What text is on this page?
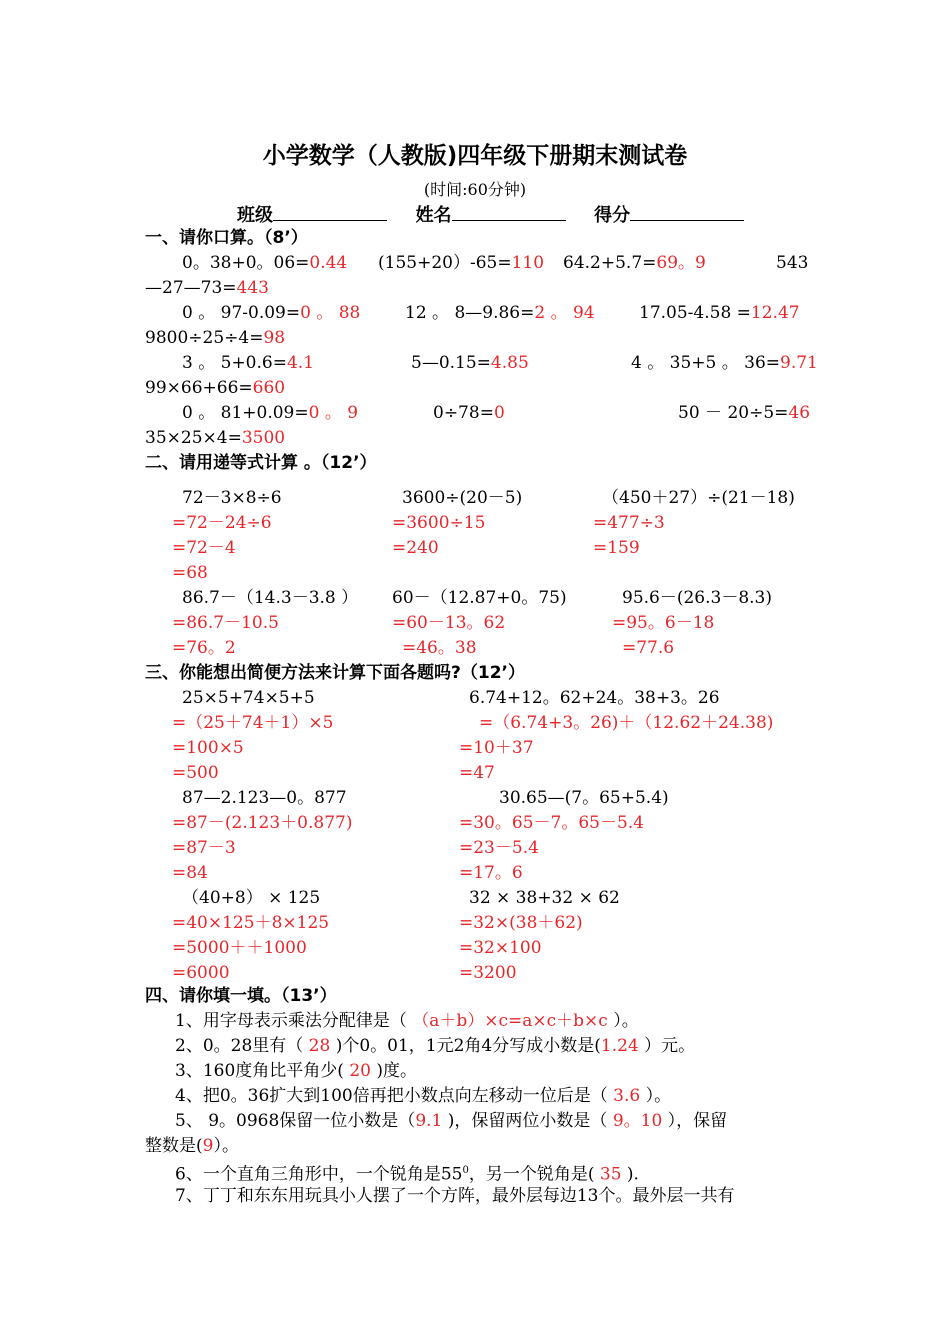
小学数学（人教版)四年级下册期末测试卷
(时间:60分钟)
班级	姓名	得分
一、请你口算。（8’）
0。38+0。06=0.44 (155+20）-65=110 64.2+5.7=69。9	543
—27—73=443
0 。 97-0.09=0 。 88	12 。 8—9.86=2 。 94	17.05-4.58 =12.47
9800÷25÷4=98
3 。 5+0.6=4.1	5—0.15=4.85	4 。 35+5 。 36=9.71
99×66+66=660
0 。 81+0.09=0 。 9	0÷78=0	50 － 20÷5=46
35×25×4=3500
二、请用递等式计算 。（12’）
72－3×8÷6
=72－24÷6
=72－4
=68
3600÷(20－5)
=3600÷15
=240
（450＋27）÷(21－18)
=477÷3
=159
86.7－（14.3－3.8 ）
=86.7－10.5
=76。2
60－（12.87+0。75)
=60－13。62
=46。38
95.6－(26.3－8.3)
=95。6－18
=77.6
三、你能想出简便方法来计算下面各题吗?（12’）
25×5+74×5+5
=（25＋74＋1）×5
=100×5
=500
6.74+12。62+24。38+3。26
=（6.74+3。26)＋（12.62＋24.38)
=10＋37
=47
87—2.123—0。877
=87－(2.123＋0.877)
=87－3
=84
30.65—(7。65+5.4)
=30。65－7。65－5.4
=23－5.4
=17。6
（40+8） × 125
=40×125＋8×125
=5000＋＋1000
=6000
32 × 38+32 × 62
=32×(38＋62)
=32×100
=3200
四、请你填一填。（13’）
1、用字母表示乘法分配律是（ （a＋b）×c=a×c＋b×c ）。
2、0。28里有（ 28 )个0。01，1元2角4分写成小数是(1.24 ）元。
3、160度角比平角少( 20 )度。
4、把0。36扩大到100倍再把小数点向左移动一位后是（ 3.6 ）。
5、 9。0968保留一位小数是（9.1 )，保留两位小数是（ 9。10 ），保留
整数是(9）。
6、一个直角三角形中，一个锐角是$55^0$，另一个锐角是( 35 ).
7、丁丁和东东用玩具小人摆了一个方阵，最外层每边13个。最外层一共有
